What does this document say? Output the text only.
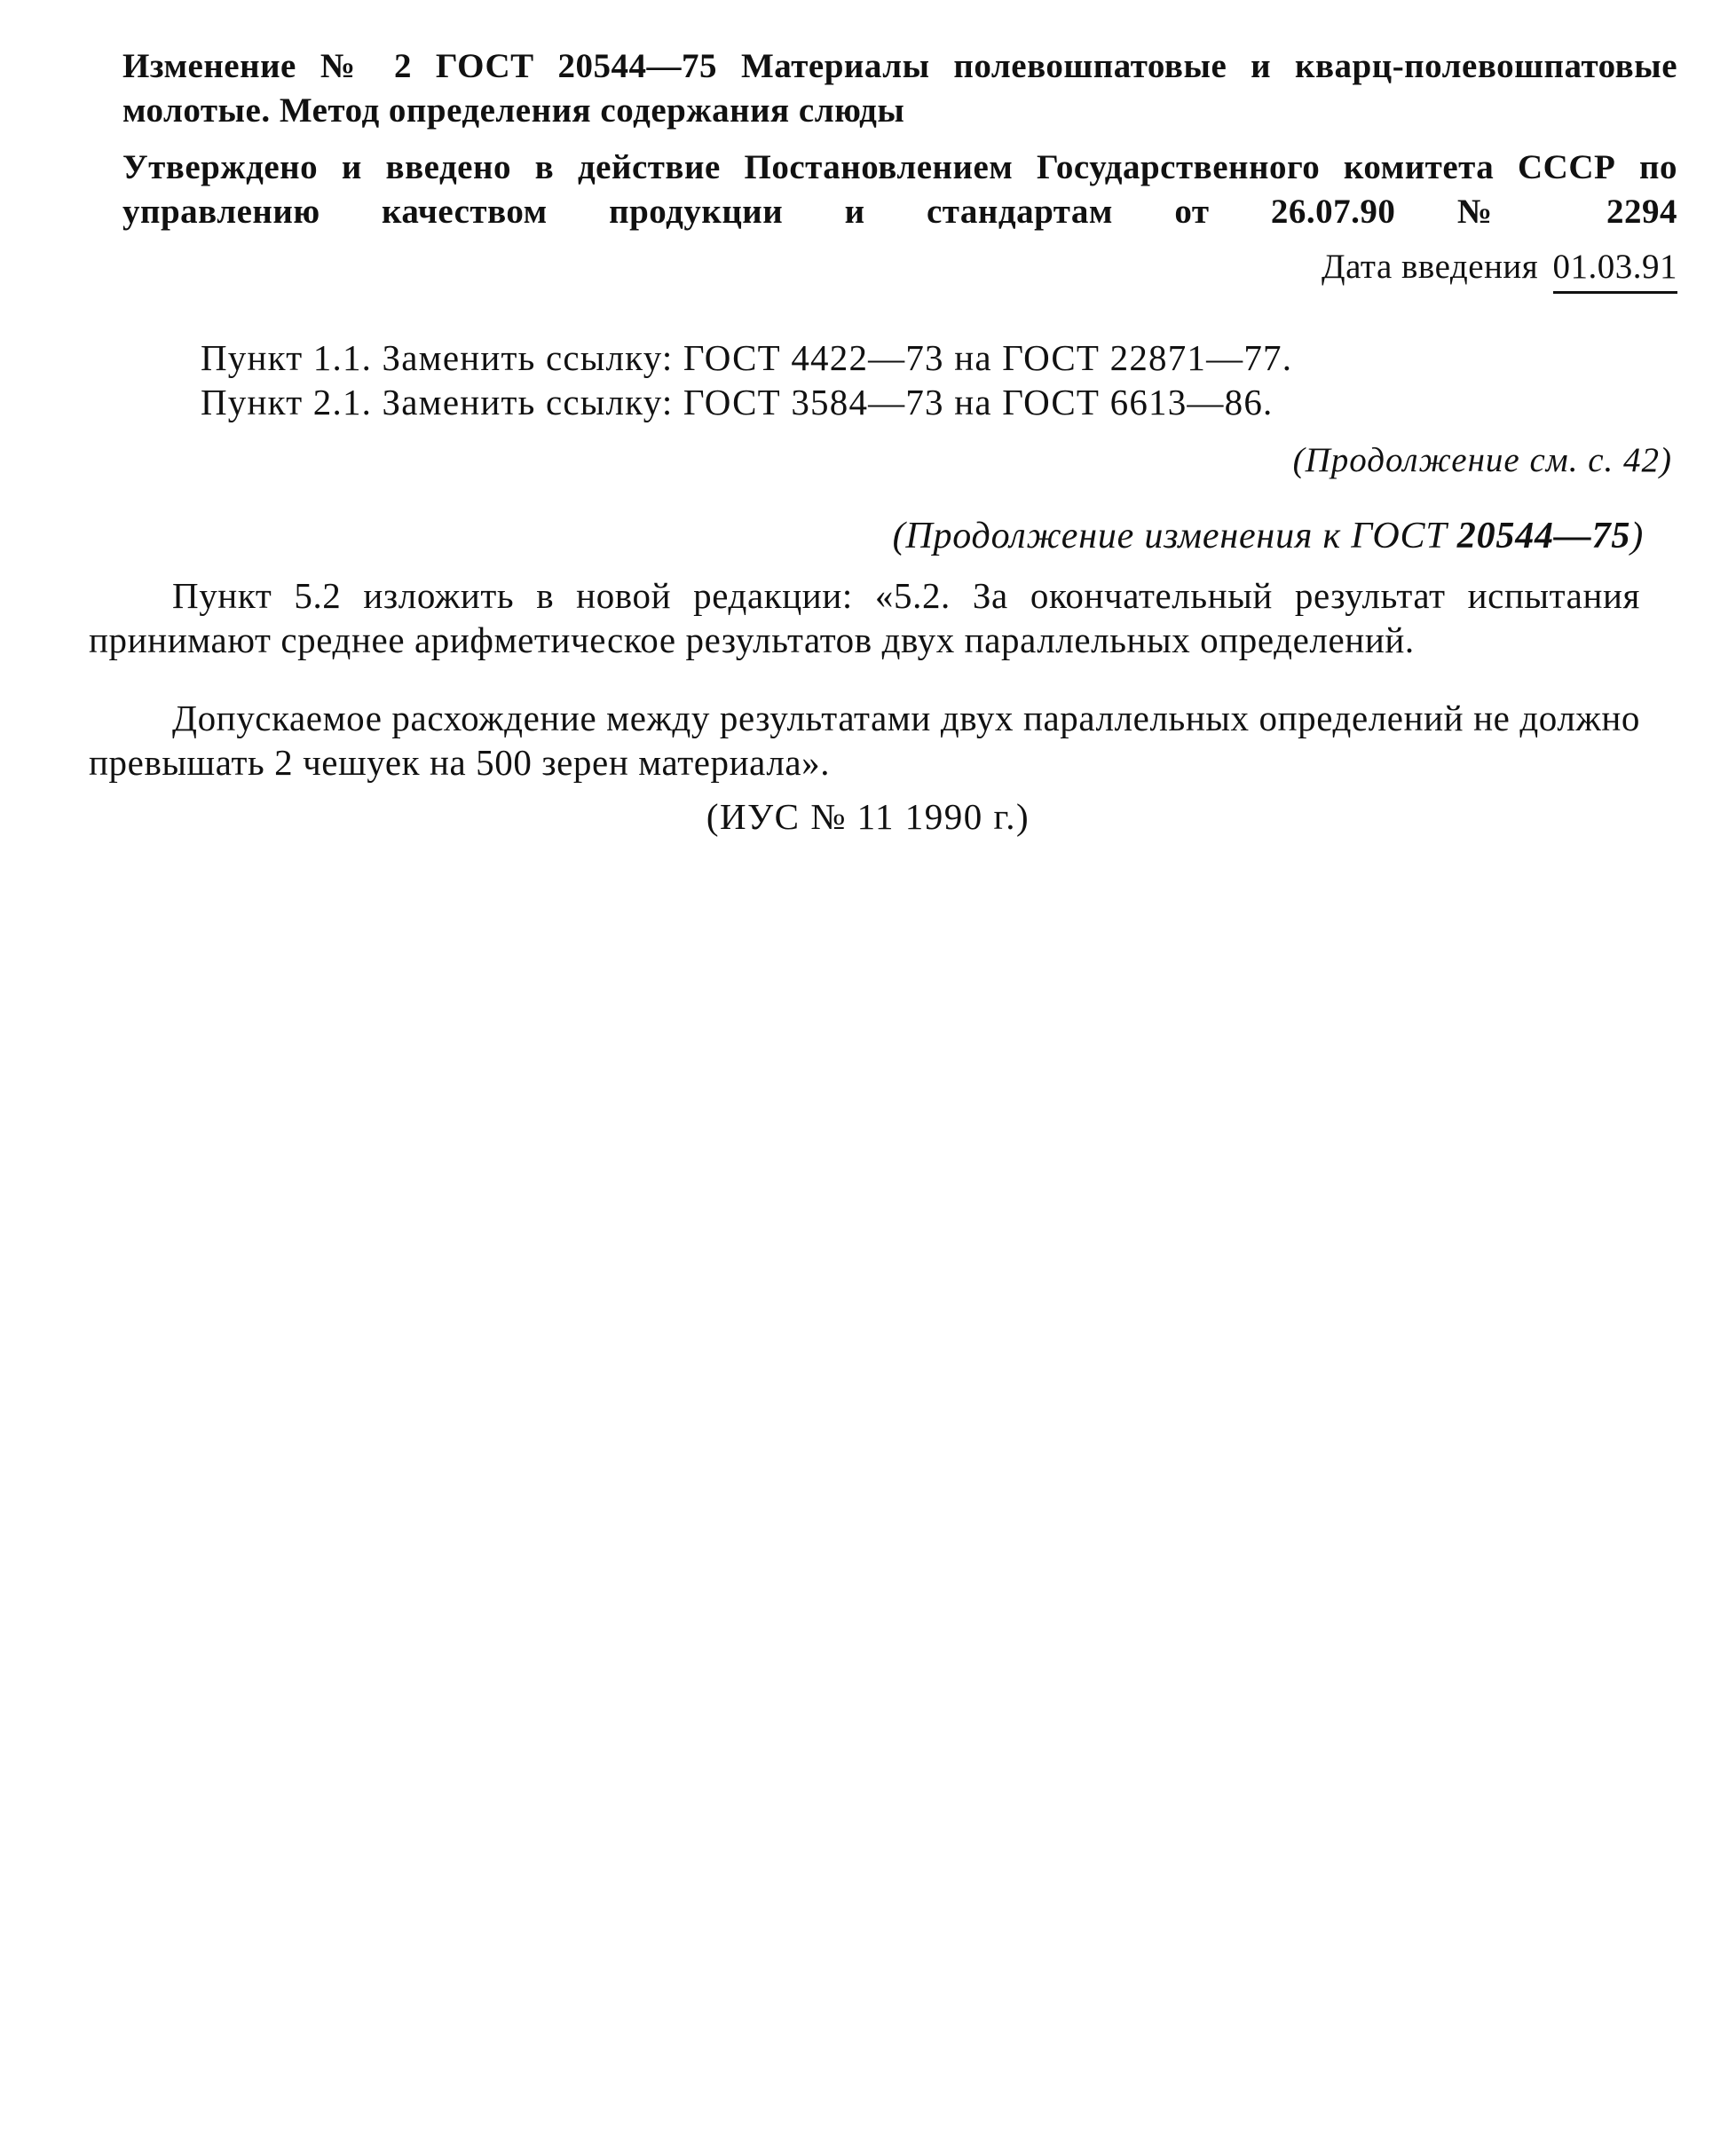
Изменение № 2 ГОСТ 20544—75 Материалы полевошпатовые и кварц-полевошпатовые молотые. Метод определения содержания слюды

Утверждено и введено в действие Постановлением Государственного комитета СССР по управлению качеством продукции и стандартам от 26.07.90 № 2294

Дата введения 01.03.91
Пункт 1.1. Заменить ссылку: ГОСТ 4422—73 на ГОСТ 22871—77.
Пункт 2.1. Заменить ссылку: ГОСТ 3584—73 на ГОСТ 6613—86.
(Продолжение см. с. 42)
(Продолжение изменения к ГОСТ 20544—75)

Пункт 5.2 изложить в новой редакции: «5.2. За окончательный результат испытания принимают среднее арифметическое результатов двух параллельных определений.

Допускаемое расхождение между результатами двух параллельных определений не должно превышать 2 чешуек на 500 зерен материала».

(ИУС № 11 1990 г.)
